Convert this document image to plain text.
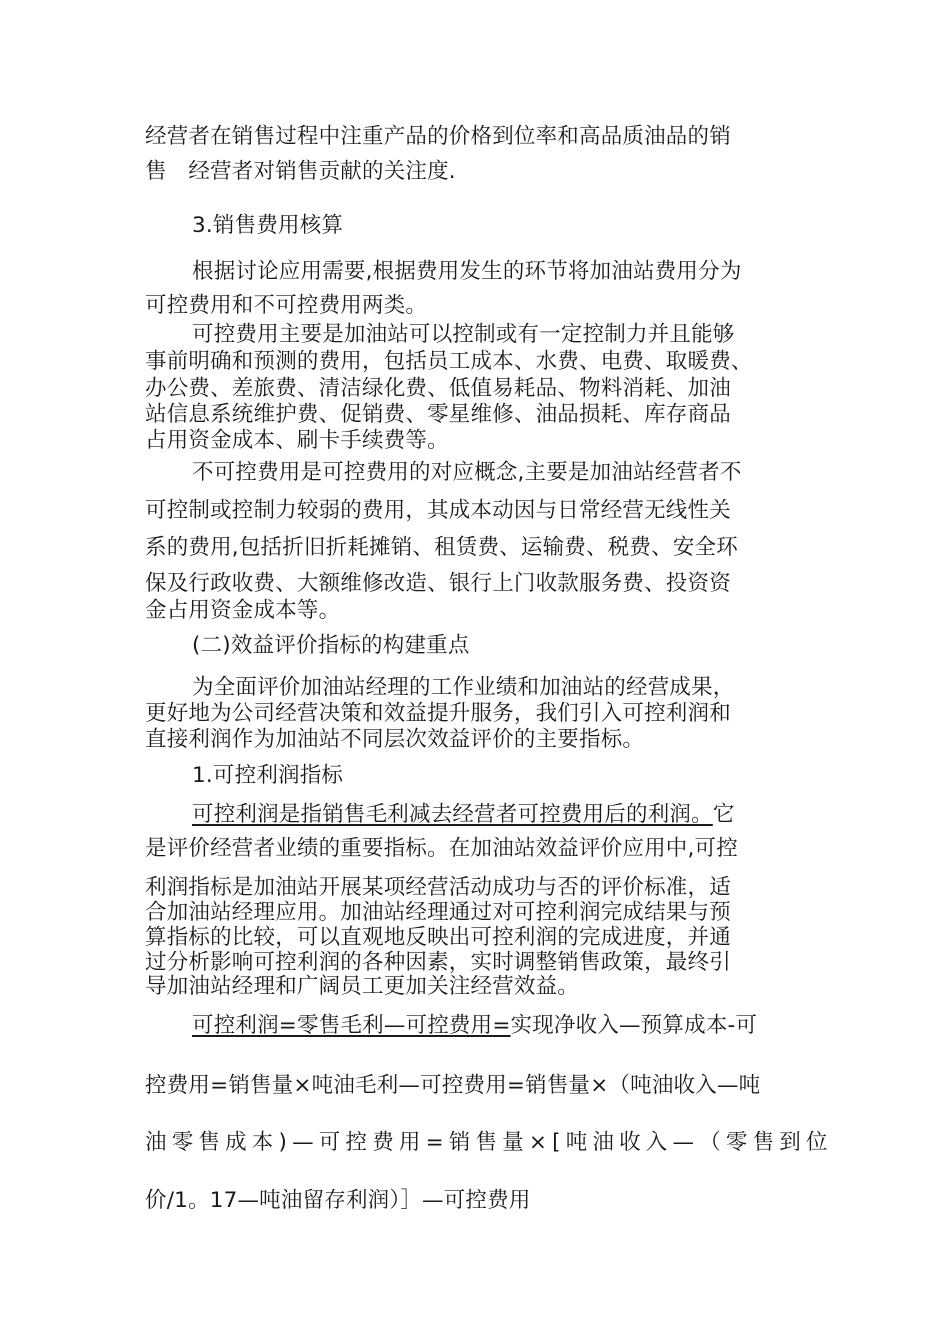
经营者在销售过程中注重产品的价格到位率和高品质油品的销
售　经营者对销售贡献的关注度.
3.销售费用核算
根据讨论应用需要,根据费用发生的环节将加油站费用分为
可控费用和不可控费用两类。
可控费用主要是加油站可以控制或有一定控制力并且能够
事前明确和预测的费用，包括员工成本、水费、电费、取暖费、
办公费、差旅费、清洁绿化费、低值易耗品、物料消耗、加油
站信息系统维护费、促销费、零星维修、油品损耗、库存商品
占用资金成本、刷卡手续费等。
不可控费用是可控费用的对应概念,主要是加油站经营者不
可控制或控制力较弱的费用，其成本动因与日常经营无线性关
系的费用,包括折旧折耗摊销、租赁费、运输费、税费、安全环
保及行政收费、大额维修改造、银行上门收款服务费、投资资
金占用资金成本等。
(二)效益评价指标的构建重点
为全面评价加油站经理的工作业绩和加油站的经营成果，
更好地为公司经营决策和效益提升服务，我们引入可控利润和
直接利润作为加油站不同层次效益评价的主要指标。
1.可控利润指标
可控利润是指销售毛利减去经营者可控费用后的利润。它
是评价经营者业绩的重要指标。在加油站效益评价应用中,可控
利润指标是加油站开展某项经营活动成功与否的评价标准，适
合加油站经理应用。加油站经理通过对可控利润完成结果与预
算指标的比较，可以直观地反映出可控利润的完成进度，并通
过分析影响可控利润的各种因素，实时调整销售政策，最终引
导加油站经理和广阔员工更加关注经营效益。
可控利润=零售毛利—可控费用=实现净收入—预算成本-可
控费用=销售量×吨油毛利—可控费用=销售量×（吨油收入—吨
油零售成本)—可控费用=销售量×[吨油收入—（零售到位
价/1。17—吨油留存利润）］—可控费用
